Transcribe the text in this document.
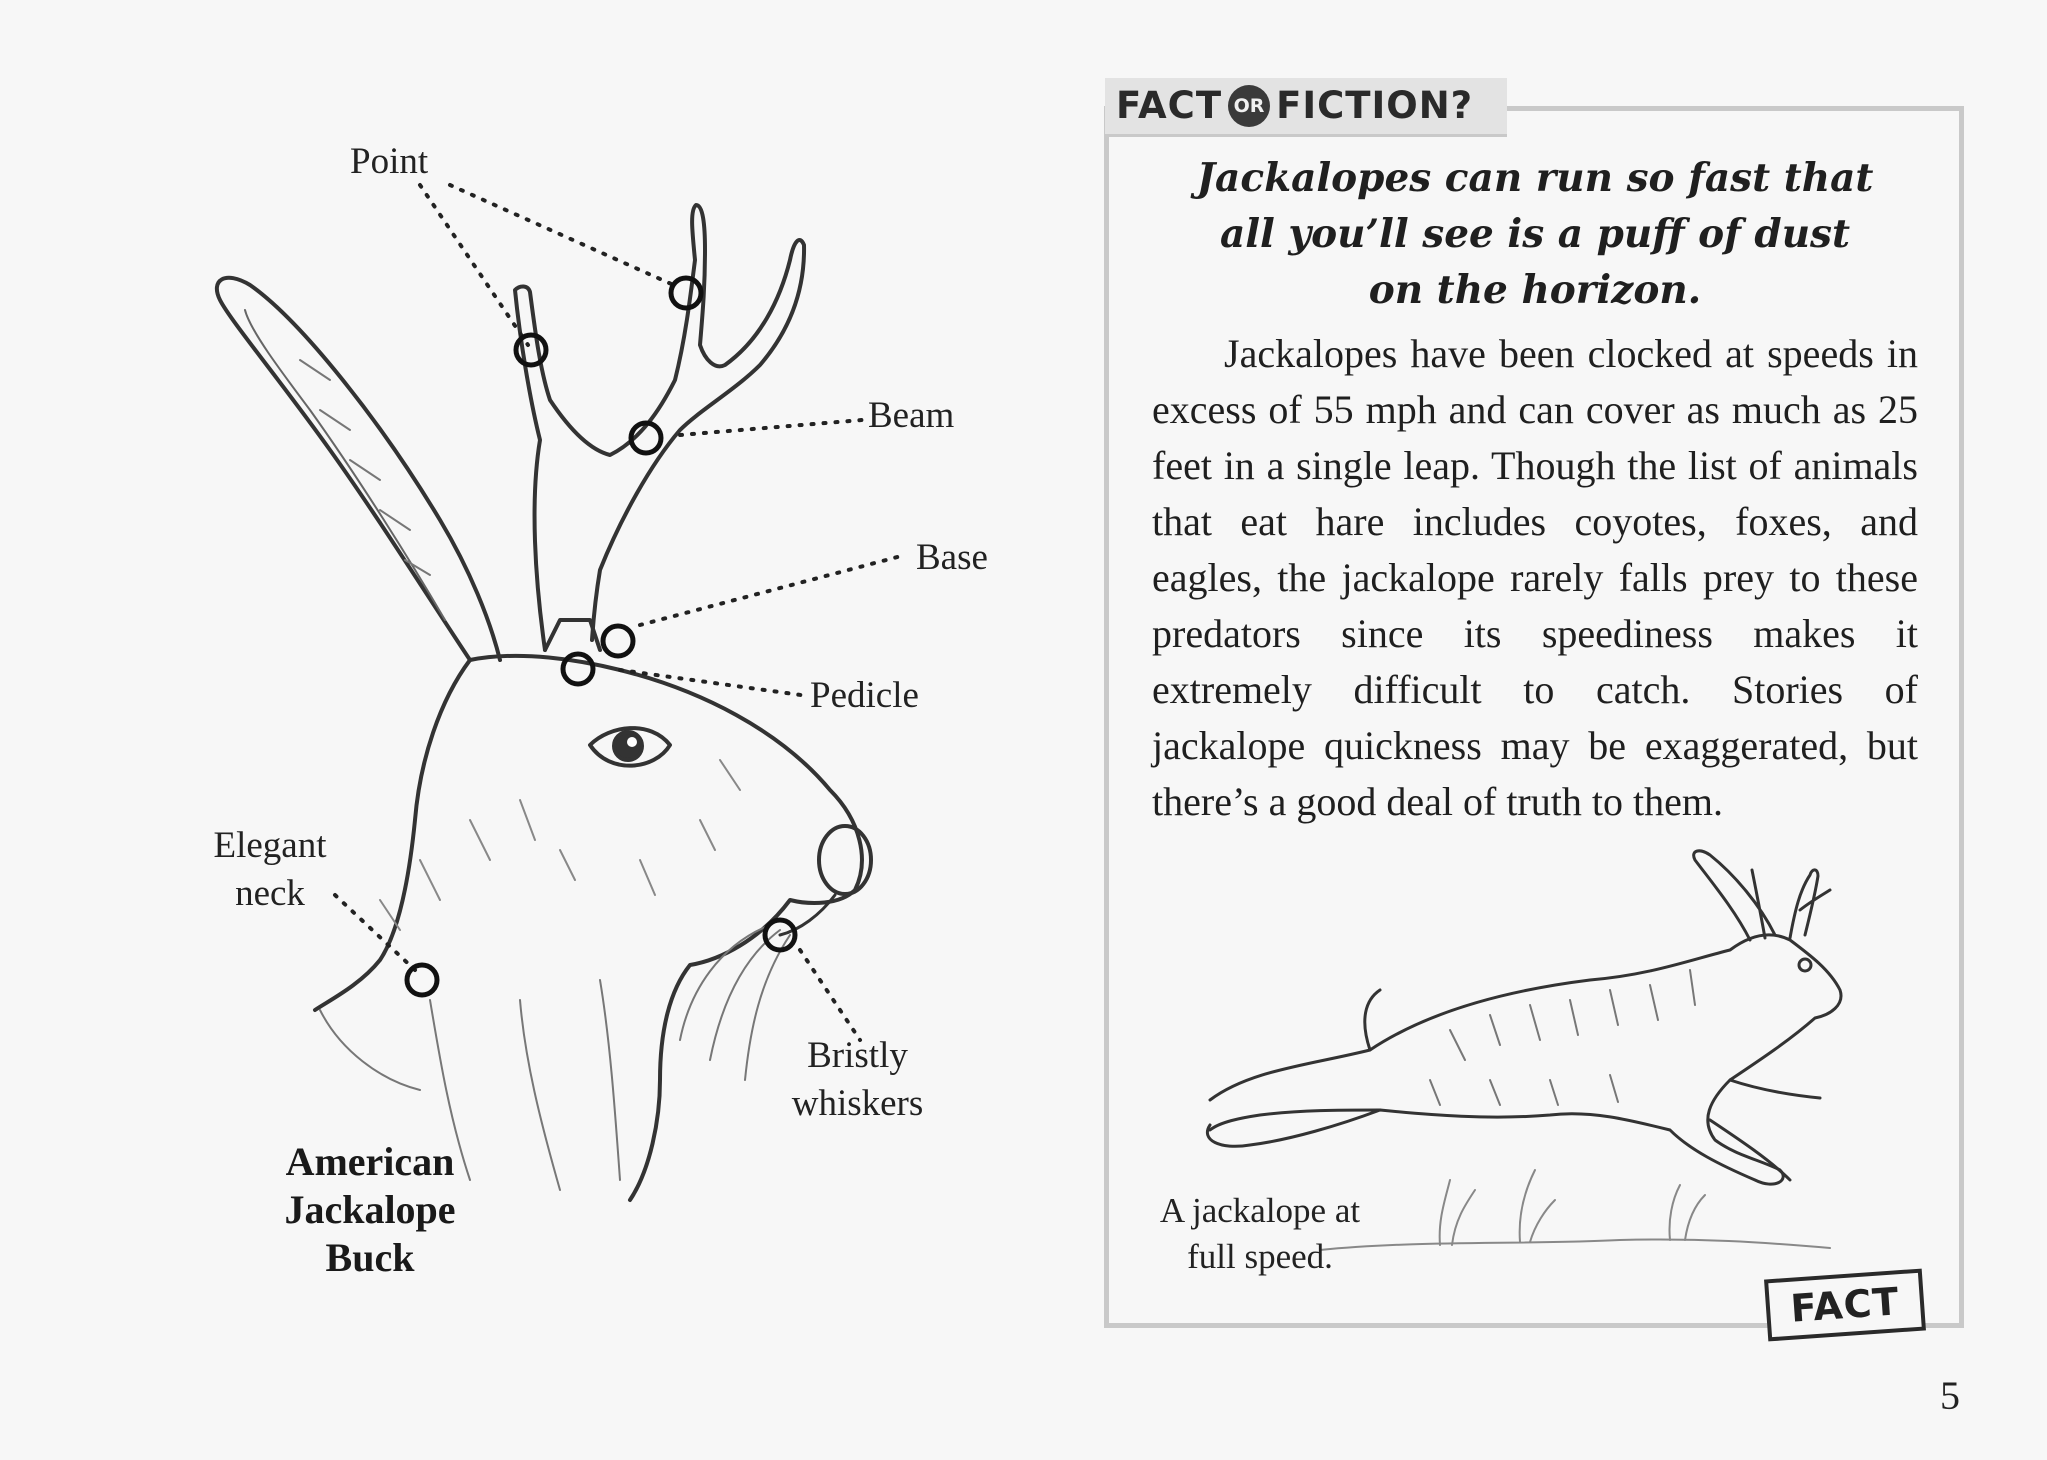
Point
Beam
Base
Pedicle
Elegant
neck
Bristly
whiskers
American
Jackalope
Buck
FACT OR FICTION?
Jackalopes can run so fast that
all you’ll see is a puff of dust
on the horizon.
Jackalopes have been clocked at speeds in excess of 55 mph and can cover as much as 25 feet in a single leap. Though the list of animals that eat hare includes coyotes, foxes, and eagles, the jackalope rarely falls prey to these predators since its speediness makes it extremely difficult to catch. Stories of jackalope quickness may be exaggerated, but there’s a good deal of truth to them.
A jackalope at
full speed.
FACT
5
